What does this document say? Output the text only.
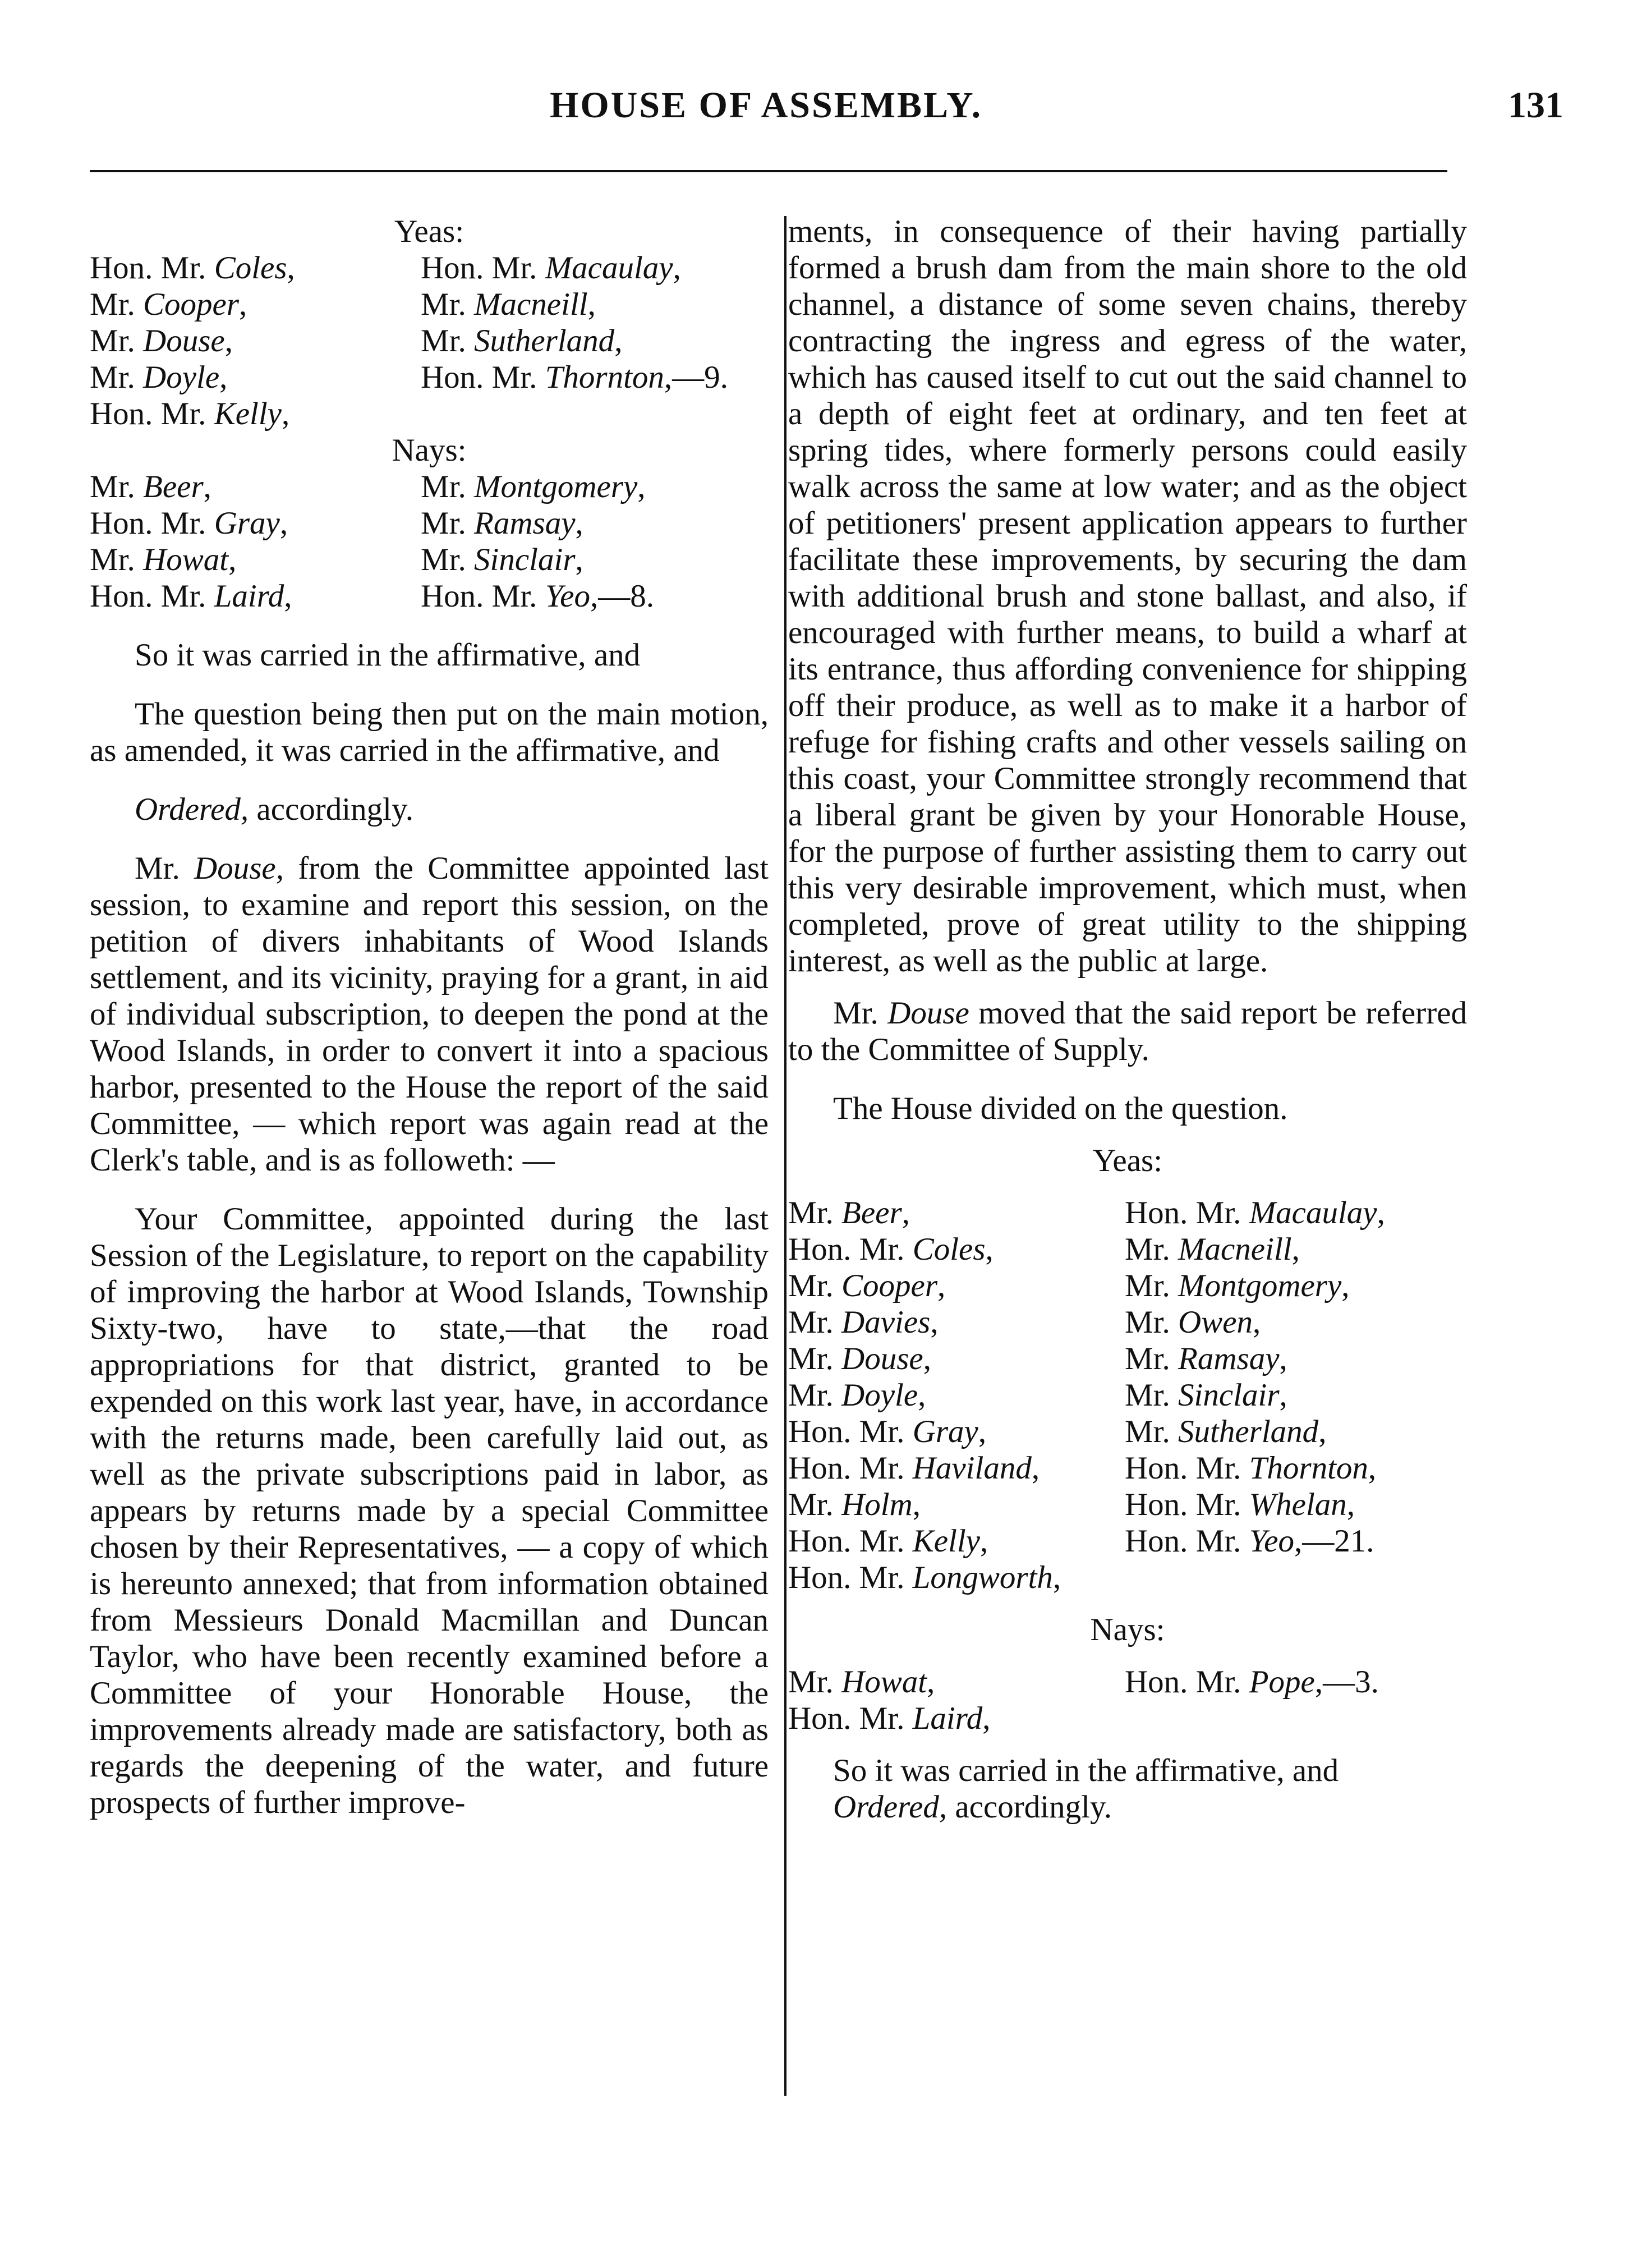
HOUSE OF ASSEMBLY.	131
Yeas:
Hon. Mr. Coles,	Hon. Mr. Macaulay,
Mr. Cooper,	Mr. Macneill,
Mr. Douse,	Mr. Sutherland,
Mr. Doyle,	Hon. Mr. Thornton,—9.
Hon. Mr. Kelly,
Nays:
Mr. Beer,	Mr. Montgomery,
Hon. Mr. Gray,	Mr. Ramsay,
Mr. Howat,	Mr. Sinclair,
Hon. Mr. Laird,	Hon. Mr. Yeo,—8.

So it was carried in the affirmative, and

The question being then put on the main motion, as amended, it was carried in the affirmative, and

Ordered, accordingly.

Mr. Douse, from the Committee appointed last session, to examine and report this session, on the petition of divers inhabitants of Wood Islands settlement, and its vicinity, praying for a grant, in aid of individual subscription, to deepen the pond at the Wood Islands, in order to convert it into a spacious harbor, presented to the House the report of the said Committee, — which report was again read at the Clerk's table, and is as followeth: —

Your Committee, appointed during the last Session of the Legislature, to report on the capability of improving the harbor at Wood Islands, Township Sixty-two, have to state,—that the road appropriations for that district, granted to be expended on this work last year, have, in accordance with the returns made, been carefully laid out, as well as the private subscriptions paid in labor, as appears by returns made by a special Committee chosen by their Representatives, — a copy of which is hereunto annexed; that from information obtained from Messieurs Donald Macmillan and Duncan Taylor, who have been recently examined before a Committee of your Honorable House, the improvements already made are satisfactory, both as regards the deepening of the water, and future prospects of further improve-

ments, in consequence of their having partially formed a brush dam from the main shore to the old channel, a distance of some seven chains, thereby contracting the ingress and egress of the water, which has caused itself to cut out the said channel to a depth of eight feet at ordinary, and ten feet at spring tides, where formerly persons could easily walk across the same at low water; and as the object of petitioners' present application appears to further facilitate these improvements, by securing the dam with additional brush and stone ballast, and also, if encouraged with further means, to build a wharf at its entrance, thus affording convenience for shipping off their produce, as well as to make it a harbor of refuge for fishing crafts and other vessels sailing on this coast, your Committee strongly recommend that a liberal grant be given by your Honorable House, for the purpose of further assisting them to carry out this very desirable improvement, which must, when completed, prove of great utility to the shipping interest, as well as the public at large.

Mr. Douse moved that the said report be referred to the Committee of Supply.

The House divided on the question.

Yeas:
Mr. Beer,	Hon. Mr. Macaulay,
Hon. Mr. Coles,	Mr. Macneill,
Mr. Cooper,	Mr. Montgomery,
Mr. Davies,	Mr. Owen,
Mr. Douse,	Mr. Ramsay,
Mr. Doyle,	Mr. Sinclair,
Hon. Mr. Gray,	Mr. Sutherland,
Hon. Mr. Haviland,	Hon. Mr. Thornton,
Mr. Holm,	Hon. Mr. Whelan,
Hon. Mr. Kelly,	Hon. Mr. Yeo,—21.
Hon. Mr. Longworth,
Nays:
Mr. Howat,	Hon. Mr. Pope,—3.
Hon. Mr. Laird,

So it was carried in the affirmative, and

Ordered, accordingly.
